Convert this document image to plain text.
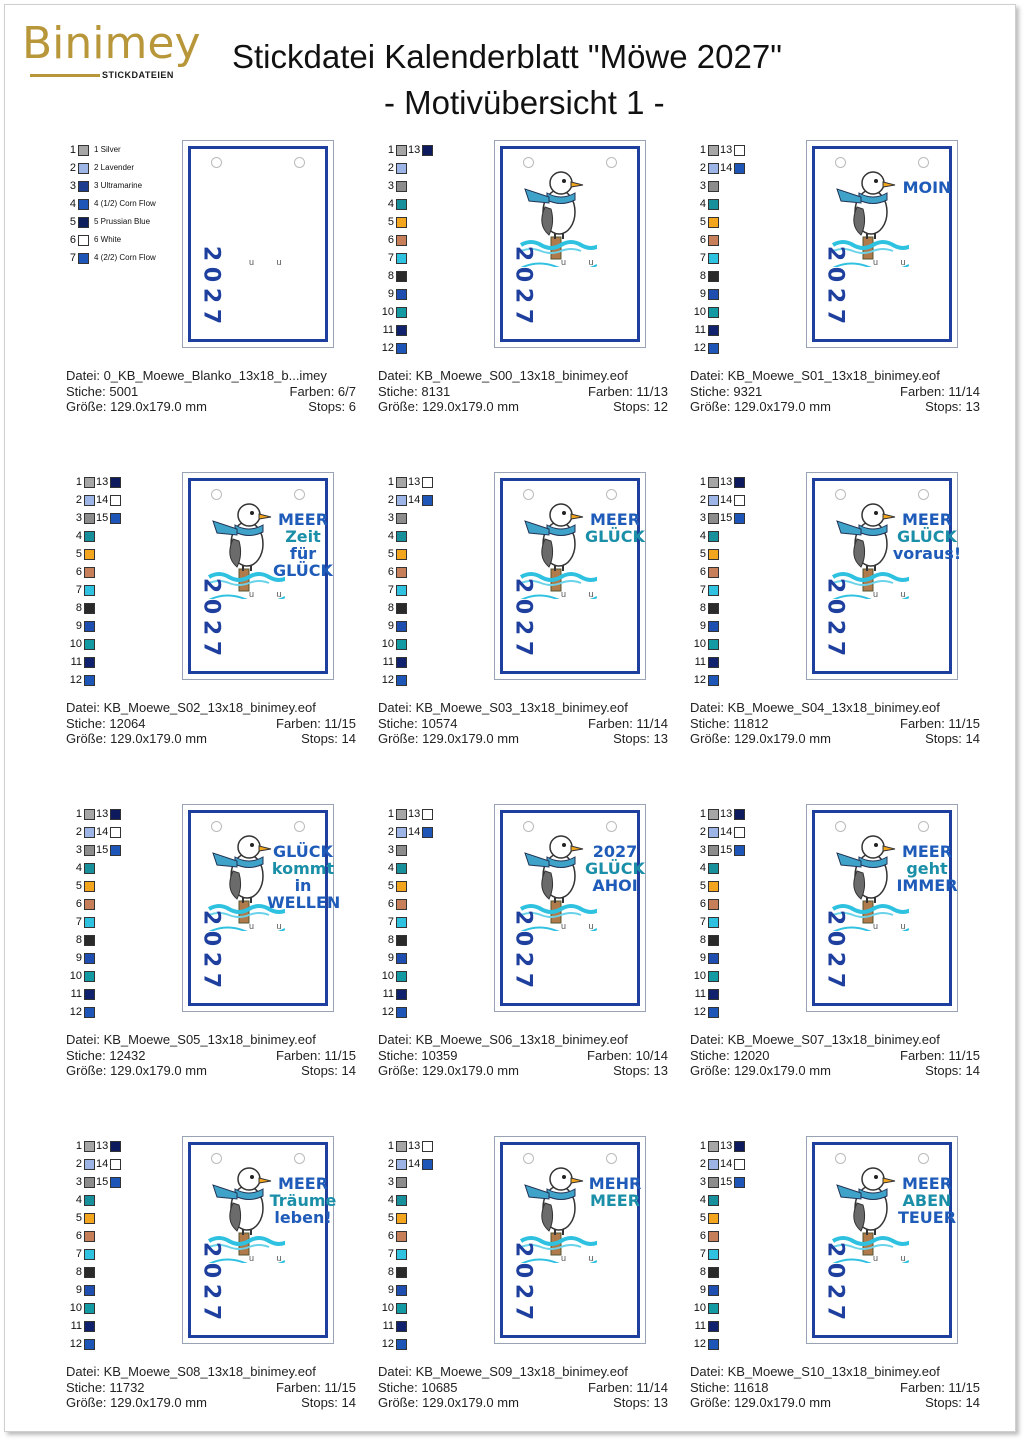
Binimey
STICKDATEIEN Stickdatei Kalenderblatt "Möwe 2027"
- Motivübersicht 1 -
1 1 Silver
2 2 Lavender
3 3 Ultramarine
4 4 (1/2) Corn Flow
5 5 Prussian Blue
6 6 White
7 4 (2/2) Corn Flow	u u
2
0
2
7
Datei: 0_KB_Moewe_Blanko_13x18_b...imey
Stiche: 5001	Farben: 6/7
Größe: 129.0x179.0 mm	Stops: 6
1 13
2
3
4
5
6
7
8
9
10
11
12
u u
2
0
2
7
Datei: KB_Moewe_S00_13x18_binimey.eof
Stiche: 8131	Farben: 11/13
Größe: 129.0x179.0 mm	Stops: 12
1 13
2 14
3
4
5
6
7
8
9
10
11
12
MOIN
u u
2
0
2
7
Datei: KB_Moewe_S01_13x18_binimey.eof
Stiche: 9321	Farben: 11/14
Größe: 129.0x179.0 mm	Stops: 13
1 13
2 14
3 15
4
5
6
7
8
9
10
11
12
MEER
Zeit
für
GLÜCK
u u
2
0
2
7
Datei: KB_Moewe_S02_13x18_binimey.eof
Stiche: 12064	Farben: 11/15
Größe: 129.0x179.0 mm	Stops: 14
1 13
2 14
3
4
5
6
7
8
9
10
11
12
MEER
GLÜCK
u u
2
0
2
7
Datei: KB_Moewe_S03_13x18_binimey.eof
Stiche: 10574	Farben: 11/14
Größe: 129.0x179.0 mm	Stops: 13
1 13
2 14
3 15
4
5
6
7
8
9
10
11
12
MEER
GLÜCK
voraus!
u u
2
0
2
7
Datei: KB_Moewe_S04_13x18_binimey.eof
Stiche: 11812	Farben: 11/15
Größe: 129.0x179.0 mm	Stops: 14
1 13
2 14
3 15
4
5
6
7
8
9
10
11
12
GLÜCK
kommt
in
WELLEN
u u
2
0
2
7
Datei: KB_Moewe_S05_13x18_binimey.eof
Stiche: 12432	Farben: 11/15
Größe: 129.0x179.0 mm	Stops: 14
1 13
2 14
3
4
5
6
7
8
9
10
11
12
2027
GLÜCK
AHOI
u u
2
0
2
7
Datei: KB_Moewe_S06_13x18_binimey.eof
Stiche: 10359	Farben: 10/14
Größe: 129.0x179.0 mm	Stops: 13
1 13
2 14
3 15
4
5
6
7
8
9
10
11
12
MEER
geht
IMMER
u u
2
0
2
7
Datei: KB_Moewe_S07_13x18_binimey.eof
Stiche: 12020	Farben: 11/15
Größe: 129.0x179.0 mm	Stops: 14
1 13
2 14
3 15
4
5
6
7
8
9
10
11
12
MEER
Träume
leben!
u u
2
0
2
7
Datei: KB_Moewe_S08_13x18_binimey.eof
Stiche: 11732	Farben: 11/15
Größe: 129.0x179.0 mm	Stops: 14
1 13
2 14
3
4
5
6
7
8
9
10
11
12
MEHR
MEER
u u
2
0
2
7
Datei: KB_Moewe_S09_13x18_binimey.eof
Stiche: 10685	Farben: 11/14
Größe: 129.0x179.0 mm	Stops: 13
1 13
2 14
3 15
4
5
6
7
8
9
10
11
12
MEER
ABEN
TEUER
u u
2
0
2
7
Datei: KB_Moewe_S10_13x18_binimey.eof
Stiche: 11618	Farben: 11/15
Größe: 129.0x179.0 mm	Stops: 14
